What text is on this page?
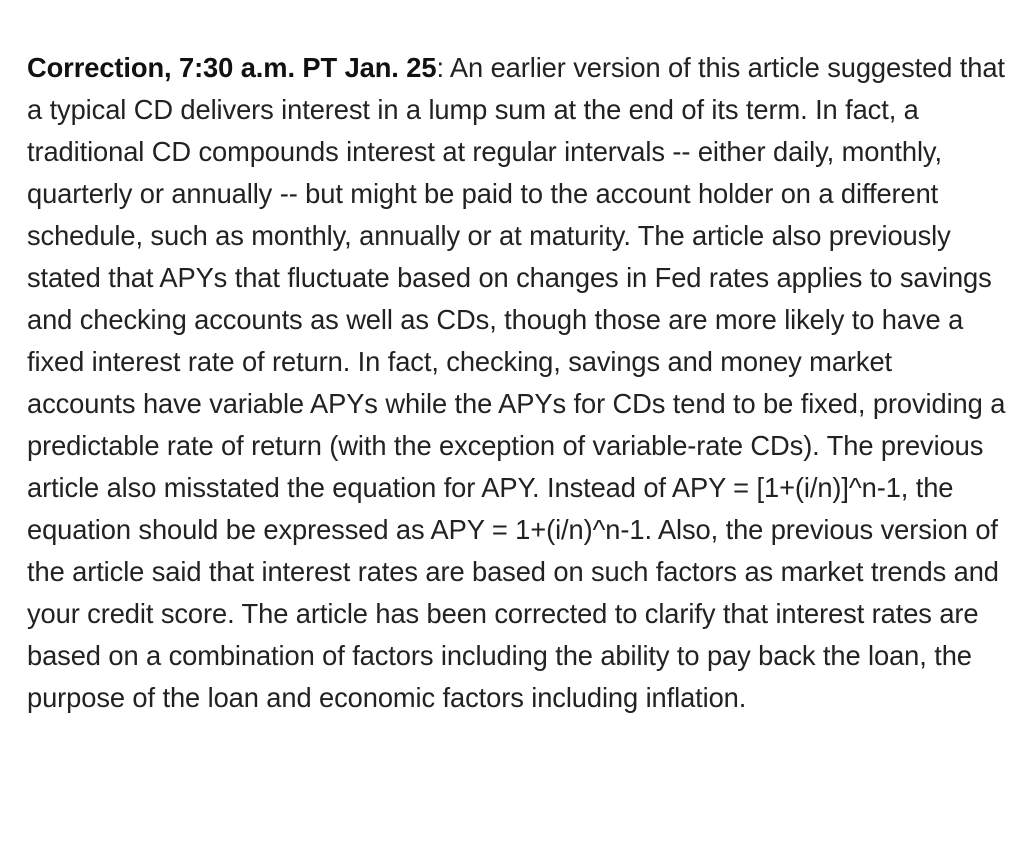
Correction, 7:30 a.m. PT Jan. 25: An earlier version of this article suggested that a typical CD delivers interest in a lump sum at the end of its term. In fact, a traditional CD compounds interest at regular intervals -- either daily, monthly, quarterly or annually -- but might be paid to the account holder on a different schedule, such as monthly, annually or at maturity. The article also previously stated that APYs that fluctuate based on changes in Fed rates applies to savings and checking accounts as well as CDs, though those are more likely to have a fixed interest rate of return. In fact, checking, savings and money market accounts have variable APYs while the APYs for CDs tend to be fixed, providing a predictable rate of return (with the exception of variable-rate CDs). The previous article also misstated the equation for APY. Instead of APY = [1+(i/n)]^n-1, the equation should be expressed as APY = 1+(i/n)^n-1. Also, the previous version of the article said that interest rates are based on such factors as market trends and your credit score. The article has been corrected to clarify that interest rates are based on a combination of factors including the ability to pay back the loan, the purpose of the loan and economic factors including inflation.
